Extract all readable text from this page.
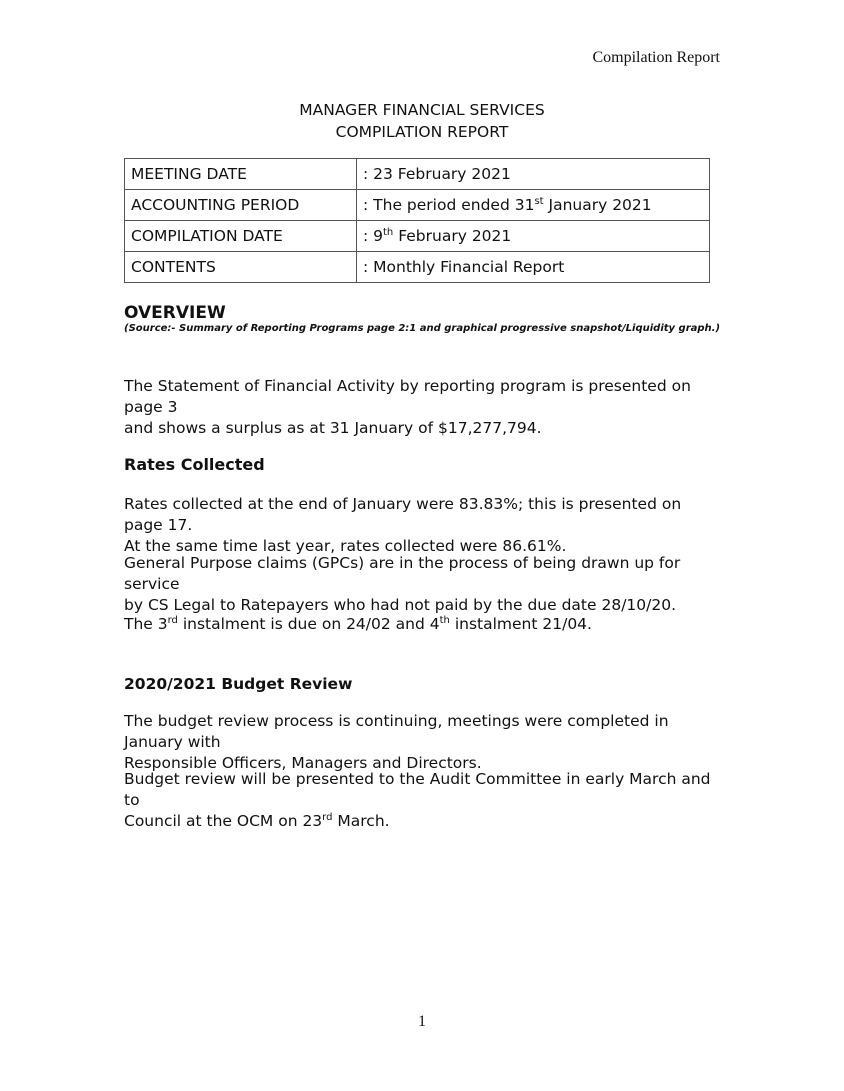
Compilation Report
MANAGER FINANCIAL SERVICES
COMPILATION REPORT
MEETING DATE	: 23 February 2021
ACCOUNTING PERIOD	: The period ended 31st January 2021
COMPILATION DATE	: 9th February 2021
CONTENTS	: Monthly Financial Report
OVERVIEW
(Source:- Summary of Reporting Programs page 2:1 and graphical progressive snapshot/Liquidity graph.)
The Statement of Financial Activity by reporting program is presented on page 3
and shows a surplus as at 31 January of $17,277,794.
Rates Collected
Rates collected at the end of January were 83.83%; this is presented on page 17.
At the same time last year, rates collected were 86.61%.
General Purpose claims (GPCs) are in the process of being drawn up for service
by CS Legal to Ratepayers who had not paid by the due date 28/10/20.
The 3rd instalment is due on 24/02 and 4th instalment 21/04.
2020/2021 Budget Review
The budget review process is continuing, meetings were completed in January with
Responsible Officers, Managers and Directors.
Budget review will be presented to the Audit Committee in early March and to
Council at the OCM on 23rd March.
1
